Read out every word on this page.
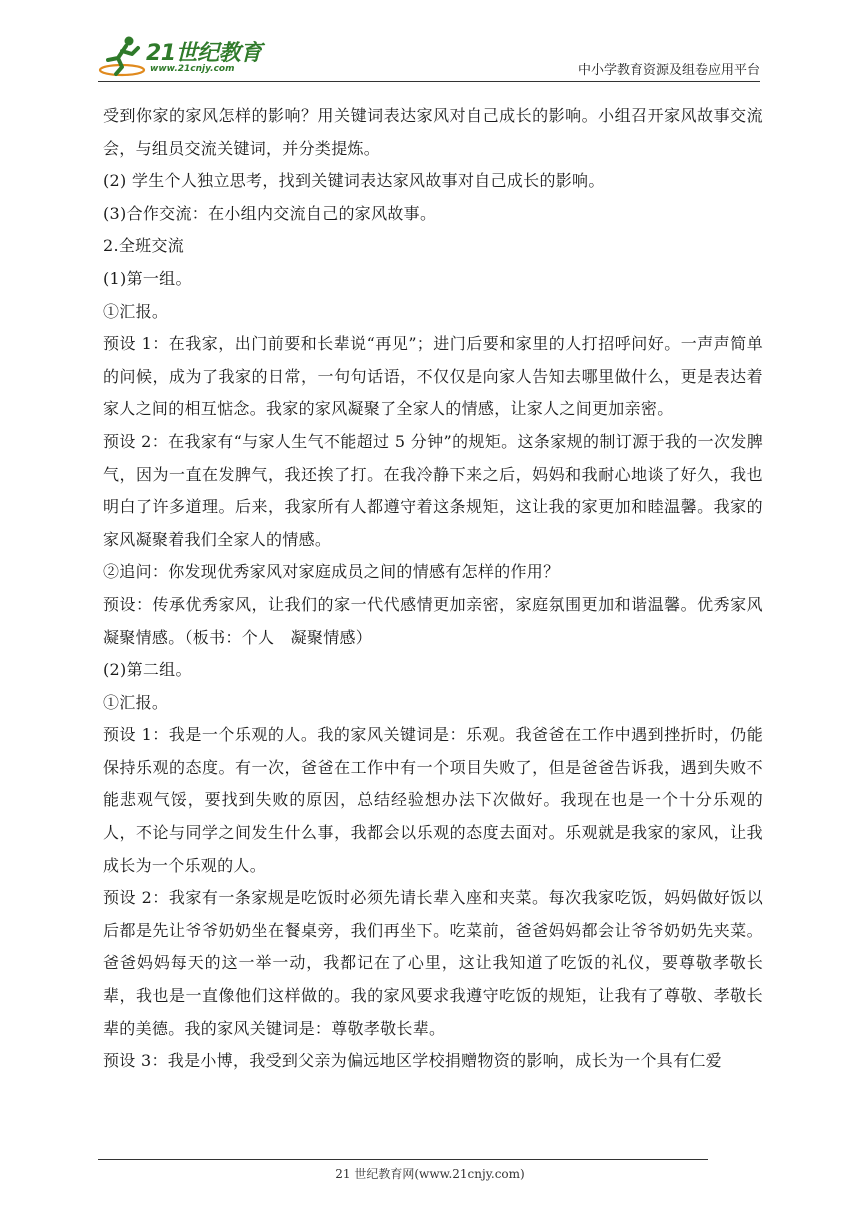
21世纪教育
www.21cnjy.com	中小学教育资源及组卷应用平台

受到你家的家风怎样的影响？用关键词表达家风对自己成长的影响。小组召开家风故事交流会，与组员交流关键词，并分类提炼。

(2) 学生个人独立思考，找到关键词表达家风故事对自己成长的影响。

(3)合作交流：在小组内交流自己的家风故事。

2.全班交流

(1)第一组。

①汇报。

预设 1：在我家，出门前要和长辈说“再见”；进门后要和家里的人打招呼问好。一声声简单的问候，成为了我家的日常，一句句话语，不仅仅是向家人告知去哪里做什么，更是表达着家人之间的相互惦念。我家的家风凝聚了全家人的情感，让家人之间更加亲密。

预设 2：在我家有“与家人生气不能超过 5 分钟”的规矩。这条家规的制订源于我的一次发脾气，因为一直在发脾气，我还挨了打。在我冷静下来之后，妈妈和我耐心地谈了好久，我也明白了许多道理。后来，我家所有人都遵守着这条规矩，这让我的家更加和睦温馨。我家的家风凝聚着我们全家人的情感。

②追问：你发现优秀家风对家庭成员之间的情感有怎样的作用？

预设：传承优秀家风，让我们的家一代代感情更加亲密，家庭氛围更加和谐温馨。优秀家风凝聚情感。（板书：个人　凝聚情感）

(2)第二组。

①汇报。

预设 1：我是一个乐观的人。我的家风关键词是：乐观。我爸爸在工作中遇到挫折时，仍能保持乐观的态度。有一次，爸爸在工作中有一个项目失败了，但是爸爸告诉我，遇到失败不能悲观气馁，要找到失败的原因，总结经验想办法下次做好。我现在也是一个十分乐观的人，不论与同学之间发生什么事，我都会以乐观的态度去面对。乐观就是我家的家风，让我成长为一个乐观的人。

预设 2：我家有一条家规是吃饭时必须先请长辈入座和夹菜。每次我家吃饭，妈妈做好饭以后都是先让爷爷奶奶坐在餐桌旁，我们再坐下。吃菜前，爸爸妈妈都会让爷爷奶奶先夹菜。爸爸妈妈每天的这一举一动，我都记在了心里，这让我知道了吃饭的礼仪，要尊敬孝敬长辈，我也是一直像他们这样做的。我的家风要求我遵守吃饭的规矩，让我有了尊敬、孝敬长辈的美德。我的家风关键词是：尊敬孝敬长辈。

预设 3：我是小博，我受到父亲为偏远地区学校捐赠物资的影响，成长为一个具有仁爱

21 世纪教育网(www.21cnjy.com)
